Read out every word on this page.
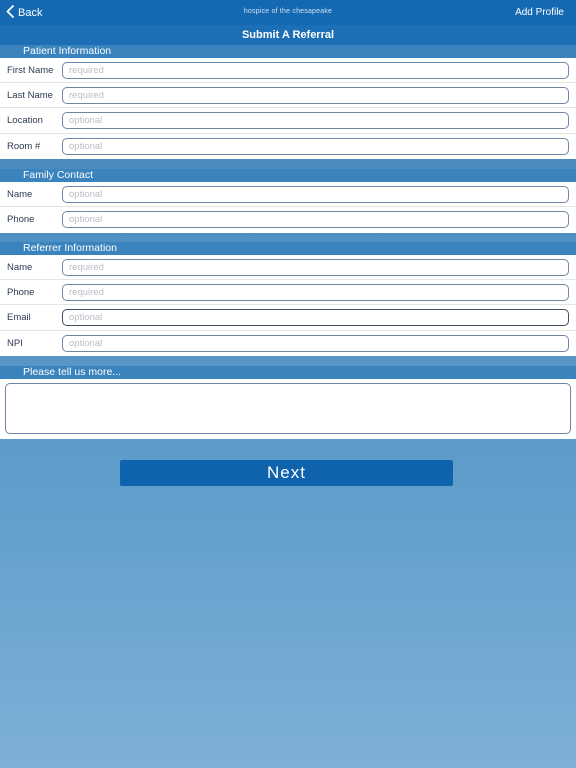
Back	hospice of the chesapeake	Add Profile
Submit A Referral
Patient Information
First Name
required
Last Name
required
Location
optional
Room #
optional
Family Contact
Name
optional
Phone
optional
Referrer Information
Name
required
Phone
required
Email
optional
NPI
optional
Please tell us more...
Next
